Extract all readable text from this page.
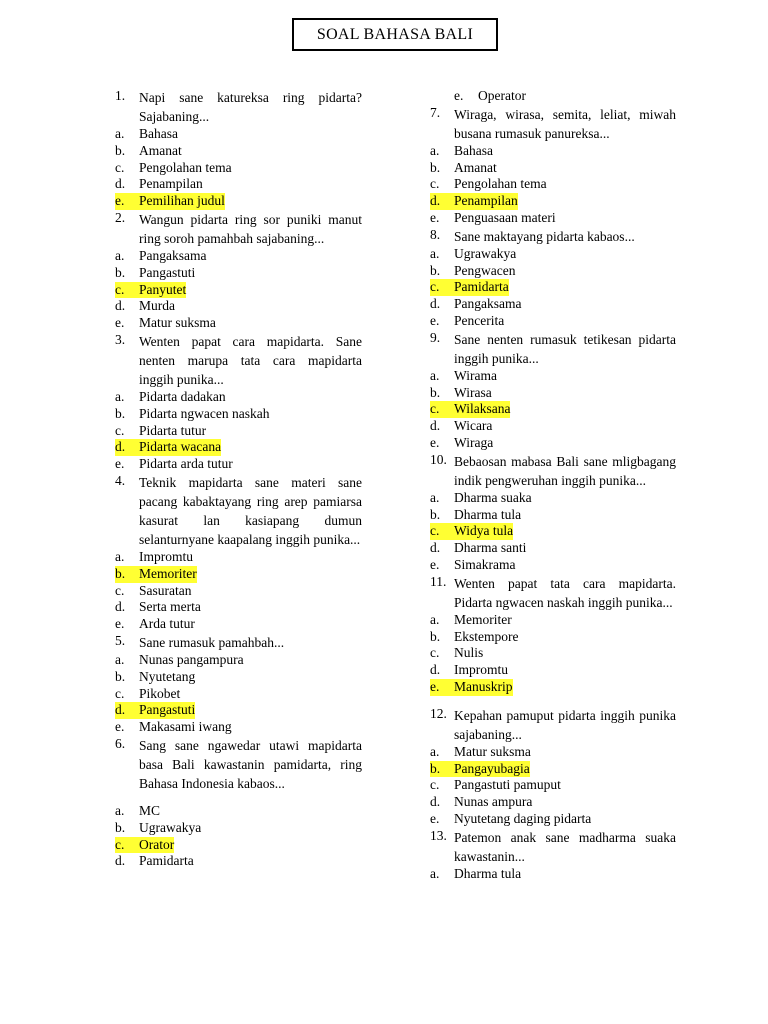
SOAL BAHASA BALI
1.	Napi sane katureksa ring pidarta? Sajabaning...
a.	Bahasa
b.	Amanat
c.	Pengolahan tema
d.	Penampilan
e.	Pemilihan judul
2.	Wangun pidarta ring sor puniki manut ring soroh pamahbah sajabaning...
a.	Pangaksama
b.	Pangastuti
c.	Panyutet
d.	Murda
e.	Matur suksma
3.	Wenten papat cara mapidarta. Sane nenten marupa tata cara mapidarta inggih punika...
a.	Pidarta dadakan
b.	Pidarta ngwacen naskah
c.	Pidarta tutur
d.	Pidarta wacana
e.	Pidarta arda tutur
4.	Teknik mapidarta sane materi sane pacang kabaktayang ring arep pamiarsa kasurat lan kasiapang dumun selanturnyane kaapalang inggih punika...
a.	Impromtu
b.	Memoriter
c.	Sasuratan
d.	Serta merta
e.	Arda tutur
5.	Sane rumasuk pamahbah...
a.	Nunas pangampura
b.	Nyutetang
c.	Pikobet
d.	Pangastuti
e.	Makasami iwang
6.	Sang sane ngawedar utawi mapidarta basa Bali kawastanin pamidarta, ring Bahasa Indonesia kabaos...
a.	MC
b.	Ugrawakya
c.	Orator
d.	Pamidarta
e.	Operator
7.	Wiraga, wirasa, semita, leliat, miwah busana rumasuk panureksa...
a.	Bahasa
b.	Amanat
c.	Pengolahan tema
d.	Penampilan
e.	Penguasaan materi
8.	Sane maktayang pidarta kabaos...
a.	Ugrawakya
b.	Pengwacen
c.	Pamidarta
d.	Pangaksama
e.	Pencerita
9.	Sane nenten rumasuk tetikesan pidarta inggih punika...
a.	Wirama
b.	Wirasa
c.	Wilaksana
d.	Wicara
e.	Wiraga
10. Bebaosan mabasa Bali sane mligbagang indik pengweruhan inggih punika...
a.	Dharma suaka
b.	Dharma tula
c.	Widya tula
d.	Dharma santi
e.	Simakrama
11. Wenten papat tata cara mapidarta. Pidarta ngwacen naskah inggih punika...
a.	Memoriter
b.	Ekstempore
c.	Nulis
d.	Impromtu
e.	Manuskrip
12. Kepahan pamuput pidarta inggih punika sajabaning...
a.	Matur suksma
b.	Pangayubagia
c.	Pangastuti pamuput
d.	Nunas ampura
e.	Nyutetang daging pidarta
13. Patemon anak sane madharma suaka kawastanin...
a.	Dharma tula
